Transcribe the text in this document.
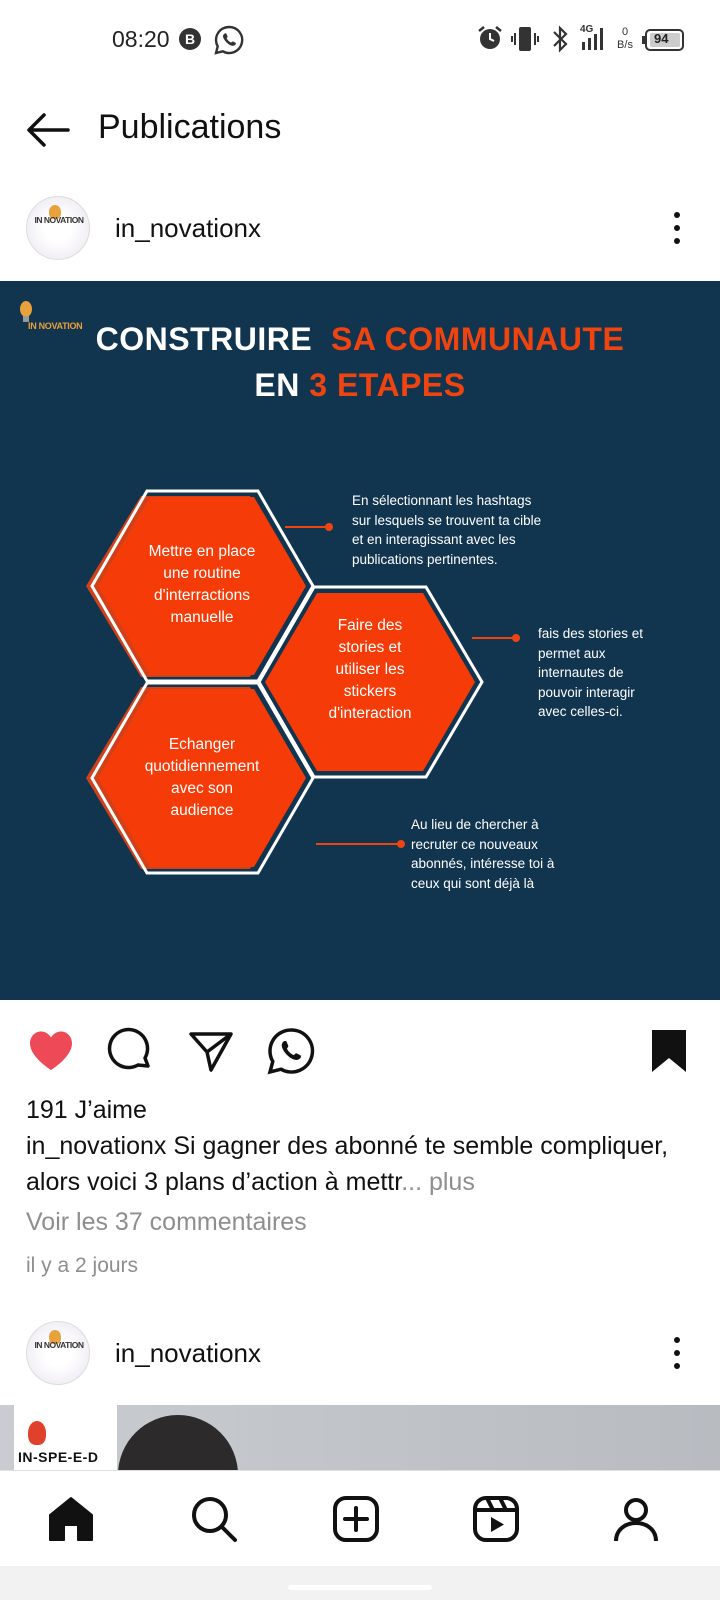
08:20 B
4G	0
B/s 94
Publications
IN NOVATION in_novationx
IN NOVATION CONSTRUIRE SA COMMUNAUTE
EN 3 ETAPES
Mettre en place
une routine
d'interractions
manuelle	Faire des
stories et
utiliser les
stickers
d'interaction
Echanger
quotidiennement
avec son
audience
En sélectionnant les hashtags
sur lesquels se trouvent ta cible
et en interagissant avec les
publications pertinentes.
fais des stories et
permet aux
internautes de
pouvoir interagir
avec celles-ci.
Au lieu de chercher à
recruter ce nouveaux
abonnés, intéresse toi à
ceux qui sont déjà là
191 J’aime
in_novationx Si gagner des abonné te semble compliquer, alors voici 3 plans d’action à mettr... plus
Voir les 37 commentaires
il y a 2 jours
IN NOVATION in_novationx
IN-SPE-E-D
